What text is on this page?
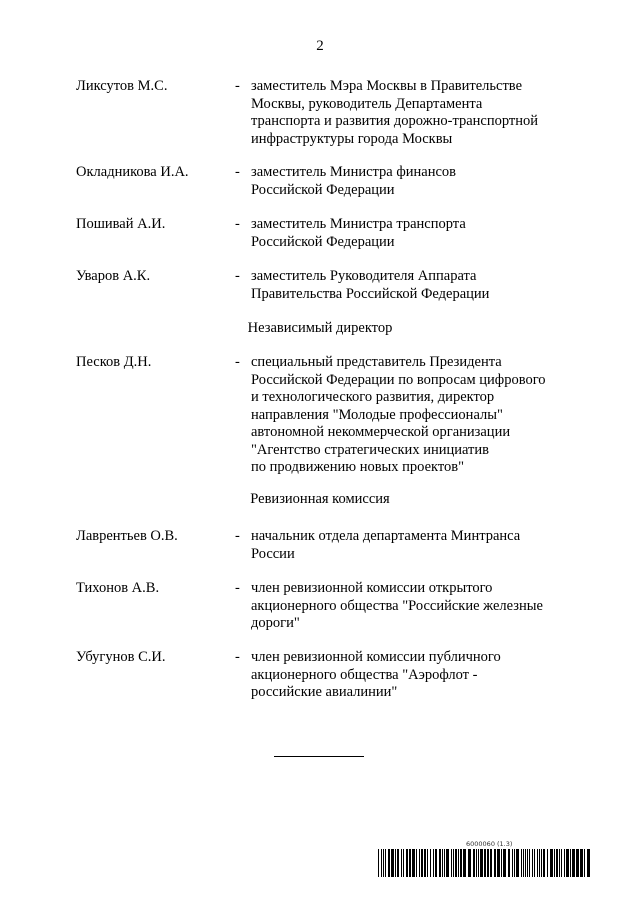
2
Ликсутов М.С.	- заместитель Мэра Москвы в Правительстве
Москвы, руководитель Департамента
транспорта и развития дорожно-транспортной
инфраструктуры города Москвы
Окладникова И.А.	- заместитель Министра финансов
Российской Федерации
Пошивай А.И.	- заместитель Министра транспорта
Российской Федерации
Уваров А.К.	- заместитель Руководителя Аппарата
Правительства Российской Федерации
Независимый директор
Песков Д.Н.	- специальный представитель Президента
Российской Федерации по вопросам цифрового
и технологического развития, директор
направления "Молодые профессионалы"
автономной некоммерческой организации
"Агентство стратегических инициатив
по продвижению новых проектов"
Ревизионная комиссия
Лаврентьев О.В.	- начальник отдела департамента Минтранса
России
Тихонов А.В.	- член ревизионной комиссии открытого
акционерного общества "Российские железные
дороги"
Убугунов С.И.	- член ревизионной комиссии публичного
акционерного общества "Аэрофлот -
российские авиалинии"
6000060 (1.3)
